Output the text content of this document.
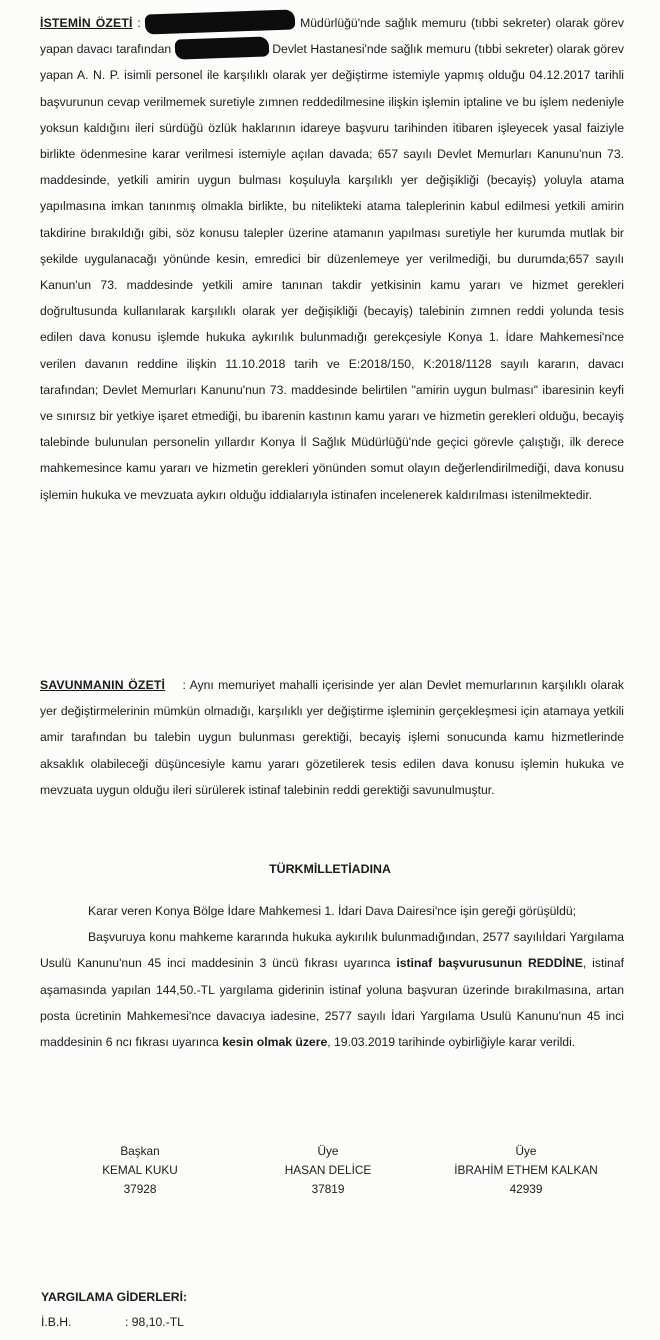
İSTEMİN ÖZETİ :	Müdürlüğü'nde sağlık memuru (tıbbi sekreter) olarak görev yapan davacı tarafından	Devlet Hastanesi'nde sağlık memuru (tıbbi sekreter) olarak görev yapan A. N. P. isimli personel ile karşılıklı olarak yer değiştirme istemiyle yapmış olduğu 04.12.2017 tarihli başvurunun cevap verilmemek suretiyle zımnen reddedilmesine ilişkin işlemin iptaline ve bu işlem nedeniyle yoksun kaldığını ileri sürdüğü özlük haklarının idareye başvuru tarihinden itibaren işleyecek yasal faiziyle birlikte ödenmesine karar verilmesi istemiyle açılan davada; 657 sayılı Devlet Memurları Kanunu'nun 73. maddesinde, yetkili amirin uygun bulması koşuluyla karşılıklı yer değişikliği (becayiş) yoluyla atama yapılmasına imkan tanınmış olmakla birlikte, bu nitelikteki atama taleplerinin kabul edilmesi yetkili amirin takdirine bırakıldığı gibi, söz konusu talepler üzerine atamanın yapılması suretiyle her kurumda mutlak bir şekilde uygulanacağı yönünde kesin, emredici bir düzenlemeye yer verilmediği, bu durumda;657 sayılı Kanun'un 73. maddesinde yetkili amire tanınan takdir yetkisinin kamu yararı ve hizmet gerekleri doğrultusunda kullanılarak karşılıklı olarak yer değişikliği (becayiş) talebinin zımnen reddi yolunda tesis edilen dava konusu işlemde hukuka aykırılık bulunmadığı gerekçesiyle Konya 1. İdare Mahkemesi'nce verilen davanın reddine ilişkin 11.10.2018 tarih ve E:2018/150, K:2018/1128 sayılı kararın, davacı tarafından; Devlet Memurları Kanunu'nun 73. maddesinde belirtilen "amirin uygun bulması" ibaresinin keyfi ve sınırsız bir yetkiye işaret etmediği, bu ibarenin kastının kamu yararı ve hizmetin gerekleri olduğu, becayiş talebinde bulunulan personelin yıllardır Konya İl Sağlık Müdürlüğü'nde geçici görevle çalıştığı, ilk derece mahkemesince kamu yararı ve hizmetin gerekleri yönünden somut olayın değerlendirilmediği, dava konusu işlemin hukuka ve mevzuata aykırı olduğu iddialarıyla istinafen incelenerek kaldırılması istenilmektedir.

SAVUNMANIN ÖZETİ    : Aynı memuriyet mahalli içerisinde yer alan Devlet memurlarının karşılıklı olarak yer değiştirmelerinin mümkün olmadığı, karşılıklı yer değiştirme işleminin gerçekleşmesi için atamaya yetkili amir tarafından bu talebin uygun bulunması gerektiği, becayiş işlemi sonucunda kamu hizmetlerinde aksaklık olabileceği düşüncesiyle kamu yararı gözetilerek tesis edilen dava konusu işlemin hukuka ve mevzuata uygun olduğu ileri sürülerek istinaf talebinin reddi gerektiği savunulmuştur.

TÜRKMİLLETİADINA

Karar veren Konya Bölge İdare Mahkemesi 1. İdari Dava Dairesi'nce işin gereği görüşüldü;

Başvuruya konu mahkeme kararında hukuka aykırılık bulunmadığından, 2577 sayılıİdari Yargılama Usulü Kanunu'nun 45 inci maddesinin 3 üncü fıkrası uyarınca istinaf başvurusunun REDDİNE, istinaf aşamasında yapılan 144,50.-TL yargılama giderinin istinaf yoluna başvuran üzerinde bırakılmasına, artan posta ücretinin Mahkemesi'nce davacıya iadesine, 2577 sayılı İdari Yargılama Usulü Kanunu'nun 45 inci maddesinin 6 ncı fıkrası uyarınca kesin olmak üzere, 19.03.2019 tarihinde oybirliğiyle karar verildi.

Başkan
KEMAL KUKU
37928
Üye
HASAN DELİCE
37819
Üye
İBRAHİM ETHEM KALKAN
42939
YARGILAMA GİDERLERİ:
İ.B.H.	: 98,10.-TL
